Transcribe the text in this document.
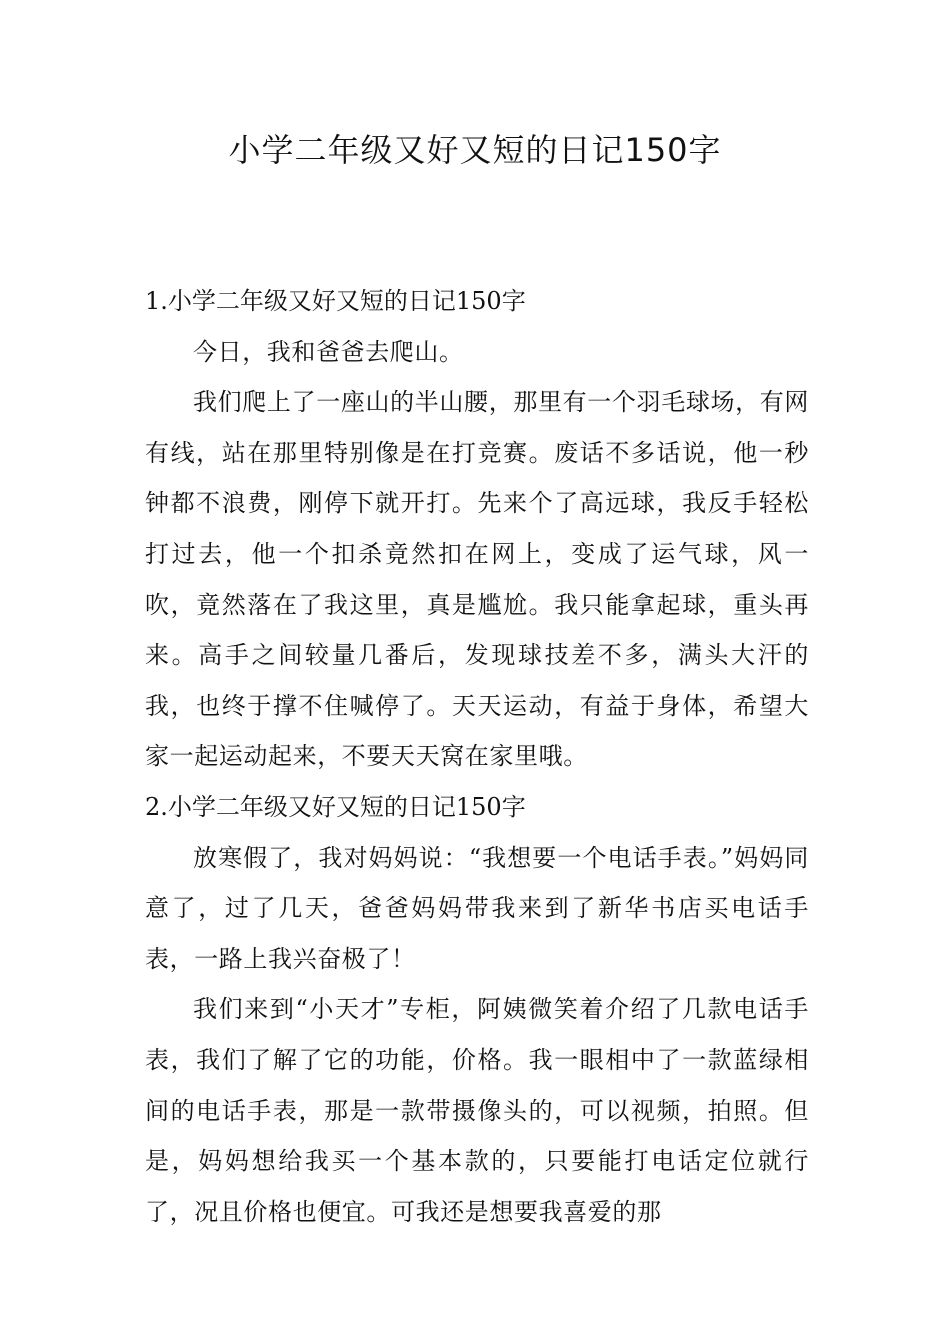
小学二年级又好又短的日记150字
1.小学二年级又好又短的日记150字

今日，我和爸爸去爬山。

我们爬上了一座山的半山腰，那里有一个羽毛球场，有网有线，站在那里特别像是在打竞赛。废话不多话说，他一秒钟都不浪费，刚停下就开打。先来个了高远球，我反手轻松打过去，他一个扣杀竟然扣在网上，变成了运气球，风一吹，竟然落在了我这里，真是尴尬。我只能拿起球，重头再来。高手之间较量几番后，发现球技差不多，满头大汗的我，也终于撑不住喊停了。天天运动，有益于身体，希望大家一起运动起来，不要天天窝在家里哦。

2.小学二年级又好又短的日记150字

放寒假了，我对妈妈说：“我想要一个电话手表。”妈妈同意了，过了几天，爸爸妈妈带我来到了新华书店买电话手表，一路上我兴奋极了！

我们来到“小天才”专柜，阿姨微笑着介绍了几款电话手表，我们了解了它的功能，价格。我一眼相中了一款蓝绿相间的电话手表，那是一款带摄像头的，可以视频，拍照。但是，妈妈想给我买一个基本款的，只要能打电话定位就行了，况且价格也便宜。可我还是想要我喜爱的那
